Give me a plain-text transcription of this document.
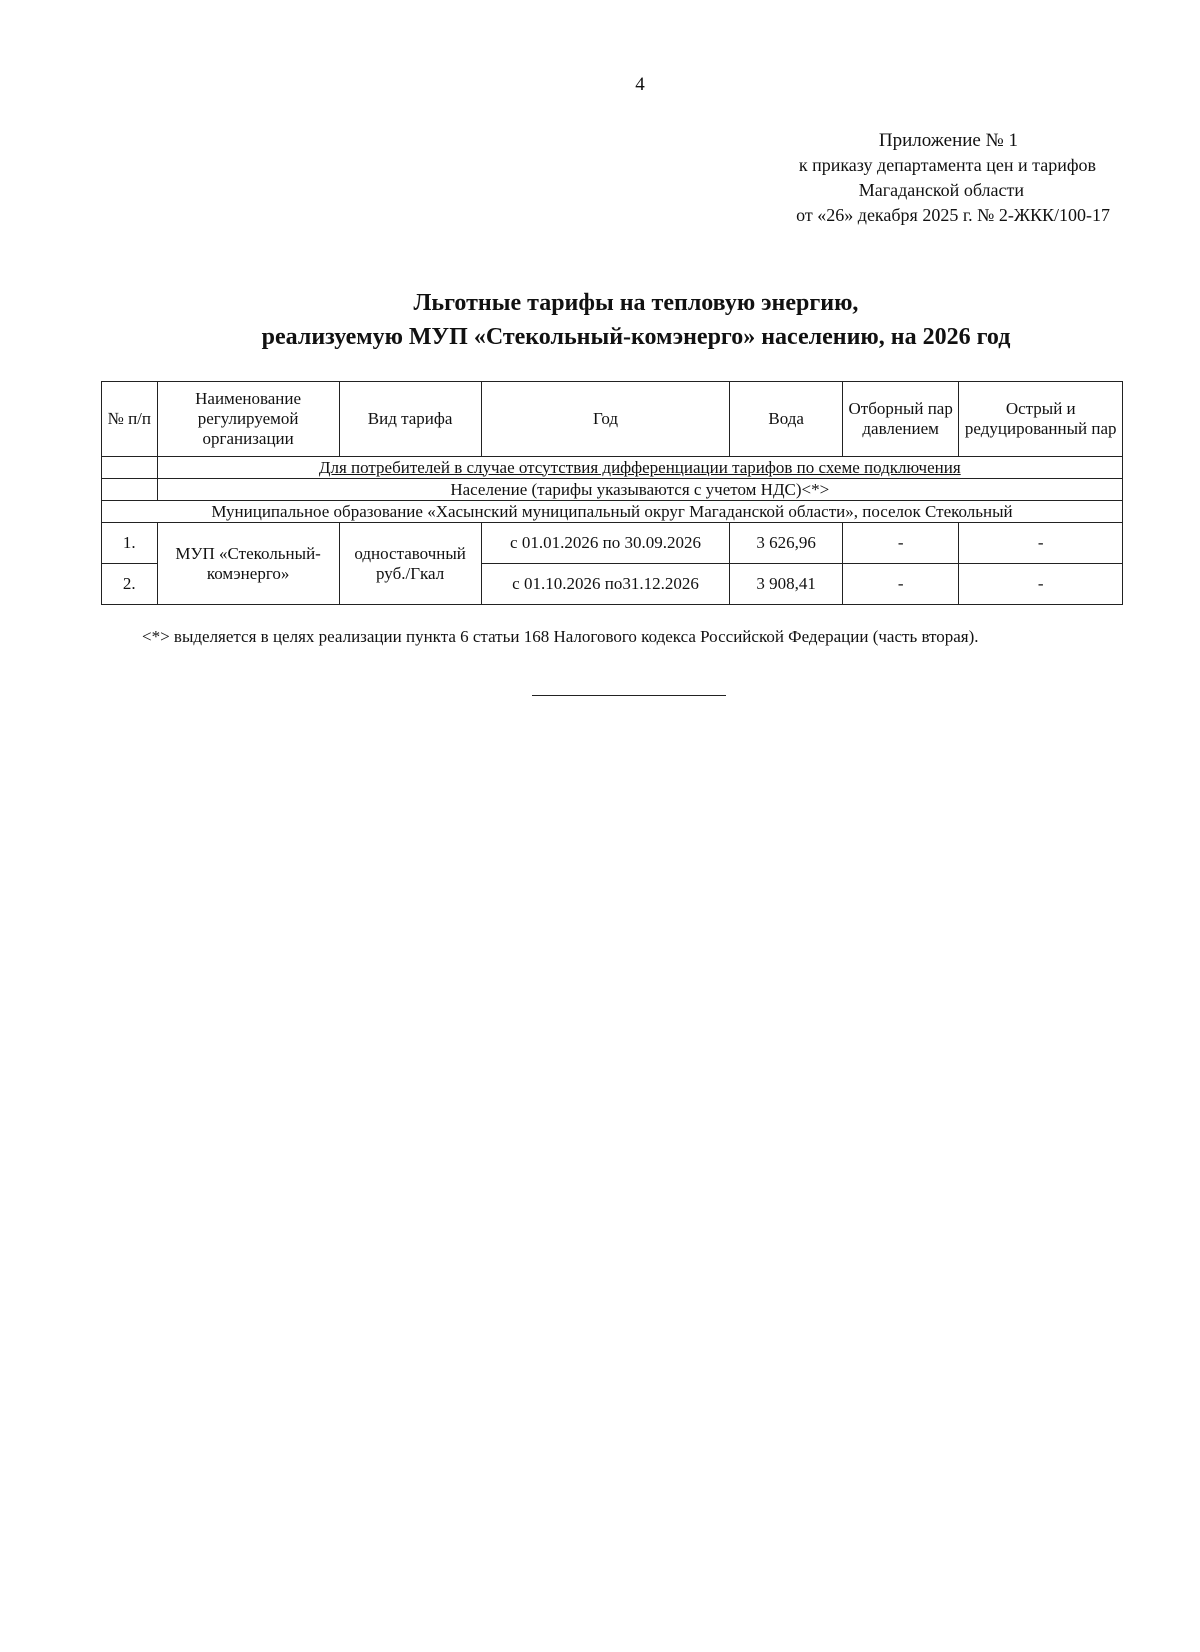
4
Приложение № 1
к приказу департамента цен и тарифов
Магаданской области
от «26» декабря 2025 г. № 2-ЖКК/100-17
Льготные тарифы на тепловую энергию,
реализуемую МУП «Стекольный-комэнерго» населению, на 2026 год
№ п/п	Наименование регулируемой организации	Вид тарифа	Год	Вода	Отборный пар давлением	Острый и редуцированный пар
	Для потребителей в случае отсутствия дифференциации тарифов по схеме подключения					
	Население (тарифы указываются с учетом НДС)<*>					
Муниципальное образование «Хасынский муниципальный округ Магаданской области», поселок Стекольный						
1.	МУП «Стекольный-комэнерго»	одноставочный руб./Гкал	с 01.01.2026 по 30.09.2026	3 626,96	-	-
2.			с 01.10.2026 по31.12.2026	3 908,41	-	-
<*> выделяется в целях реализации пункта 6 статьи 168 Налогового кодекса Российской Федерации (часть вторая).
